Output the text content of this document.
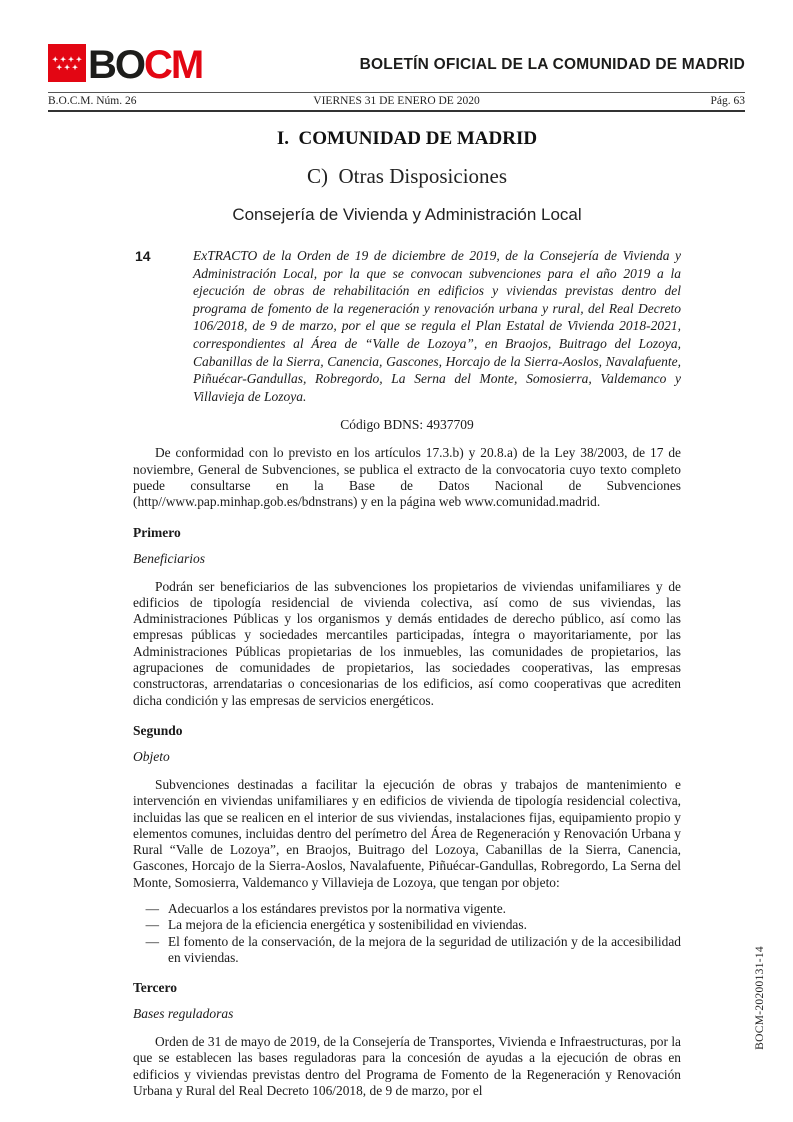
BOCM	BOLETÍN OFICIAL DE LA COMUNIDAD DE MADRID
B.O.C.M. Núm. 26	VIERNES 31 DE ENERO DE 2020	Pág. 63
I.  COMUNIDAD DE MADRID
C)  Otras Disposiciones
Consejería de Vivienda y Administración Local
14	ExTRACTO de la Orden de 19 de diciembre de 2019, de la Consejería de Vivienda y Administración Local, por la que se convocan subvenciones para el año 2019 a la ejecución de obras de rehabilitación en edificios y viviendas previstas dentro del programa de fomento de la regeneración y renovación urbana y rural, del Real Decreto 106/2018, de 9 de marzo, por el que se regula el Plan Estatal de Vivienda 2018-2021, correspondientes al Área de “Valle de Lozoya”, en Braojos, Buitrago del Lozoya, Cabanillas de la Sierra, Canencia, Gascones, Horcajo de la Sierra-Aoslos, Navalafuente, Piñuécar-Gandullas, Robregordo, La Serna del Monte, Somosierra, Valdemanco y Villavieja de Lozoya.
Código BDNS: 4937709

De conformidad con lo previsto en los artículos 17.3.b) y 20.8.a) de la Ley 38/2003, de 17 de noviembre, General de Subvenciones, se publica el extracto de la convocatoria cuyo texto completo puede consultarse en la Base de Datos Nacional de Subvenciones (http//www.pap.minhap.gob.es/bdnstrans) y en la página web www.comunidad.madrid.

Primero
Beneficiarios

Podrán ser beneficiarios de las subvenciones los propietarios de viviendas unifamiliares y de edificios de tipología residencial de vivienda colectiva, así como de sus viviendas, las Administraciones Públicas y los organismos y demás entidades de derecho público, así como las empresas públicas y sociedades mercantiles participadas, íntegra o mayoritariamente, por las Administraciones Públicas propietarias de los inmuebles, las comunidades de propietarios, las agrupaciones de comunidades de propietarios, las sociedades cooperativas, las empresas constructoras, arrendatarias o concesionarias de los edificios, así como cooperativas que acrediten dicha condición y las empresas de servicios energéticos.

Segundo
Objeto

Subvenciones destinadas a facilitar la ejecución de obras y trabajos de mantenimiento e intervención en viviendas unifamiliares y en edificios de vivienda de tipología residencial colectiva, incluidas las que se realicen en el interior de sus viviendas, instalaciones fijas, equipamiento propio y elementos comunes, incluidas dentro del perímetro del Área de Regeneración y Renovación Urbana y Rural “Valle de Lozoya”, en Braojos, Buitrago del Lozoya, Cabanillas de la Sierra, Canencia, Gascones, Horcajo de la Sierra-Aoslos, Navalafuente, Piñuécar-Gandullas, Robregordo, La Serna del Monte, Somosierra, Valdemanco y Villavieja de Lozoya, que tengan por objeto:

— Adecuarlos a los estándares previstos por la normativa vigente.
— La mejora de la eficiencia energética y sostenibilidad en viviendas.
— El fomento de la conservación, de la mejora de la seguridad de utilización y de la accesibilidad en viviendas.
Tercero
Bases reguladoras

Orden de 31 de mayo de 2019, de la Consejería de Transportes, Vivienda e Infraestructuras, por la que se establecen las bases reguladoras para la concesión de ayudas a la ejecución de obras en edificios y viviendas previstas dentro del Programa de Fomento de la Regeneración y Renovación Urbana y Rural del Real Decreto 106/2018, de 9 de marzo, por el

BOCM-20200131-14
